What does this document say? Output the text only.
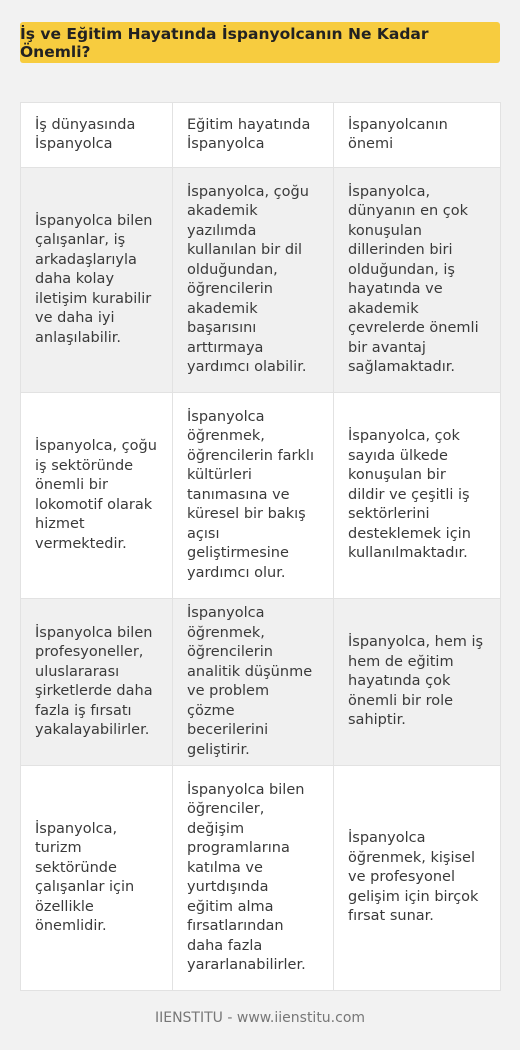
İş ve Eğitim Hayatında İspanyolcanın Ne Kadar Önemli?
İş dünyasında İspanyolca	Eğitim hayatında İspanyolca	İspanyolcanın önemi
İspanyolca bilen çalışanlar, iş arkadaşlarıyla daha kolay iletişim kurabilir ve daha iyi anlaşılabilir.	İspanyolca, çoğu akademik yazılımda kullanılan bir dil olduğundan, öğrencilerin akademik başarısını arttırmaya yardımcı olabilir.	İspanyolca, dünyanın en çok konuşulan dillerinden biri olduğundan, iş hayatında ve akademik çevrelerde önemli bir avantaj sağlamaktadır.
İspanyolca, çoğu iş sektöründe önemli bir lokomotif olarak hizmet vermektedir.	İspanyolca öğrenmek, öğrencilerin farklı kültürleri tanımasına ve küresel bir bakış açısı geliştirmesine yardımcı olur.	İspanyolca, çok sayıda ülkede konuşulan bir dildir ve çeşitli iş sektörlerini desteklemek için kullanılmaktadır.
İspanyolca bilen profesyoneller, uluslararası şirketlerde daha fazla iş fırsatı yakalayabilirler.	İspanyolca öğrenmek, öğrencilerin analitik düşünme ve problem çözme becerilerini geliştirir.	İspanyolca, hem iş hem de eğitim hayatında çok önemli bir role sahiptir.
İspanyolca, turizm sektöründe çalışanlar için özellikle önemlidir.	İspanyolca bilen öğrenciler, değişim programlarına katılma ve yurtdışında eğitim alma fırsatlarından daha fazla yararlanabilirler.	İspanyolca öğrenmek, kişisel ve profesyonel gelişim için birçok fırsat sunar.
IIENSTITU - www.iienstitu.com
